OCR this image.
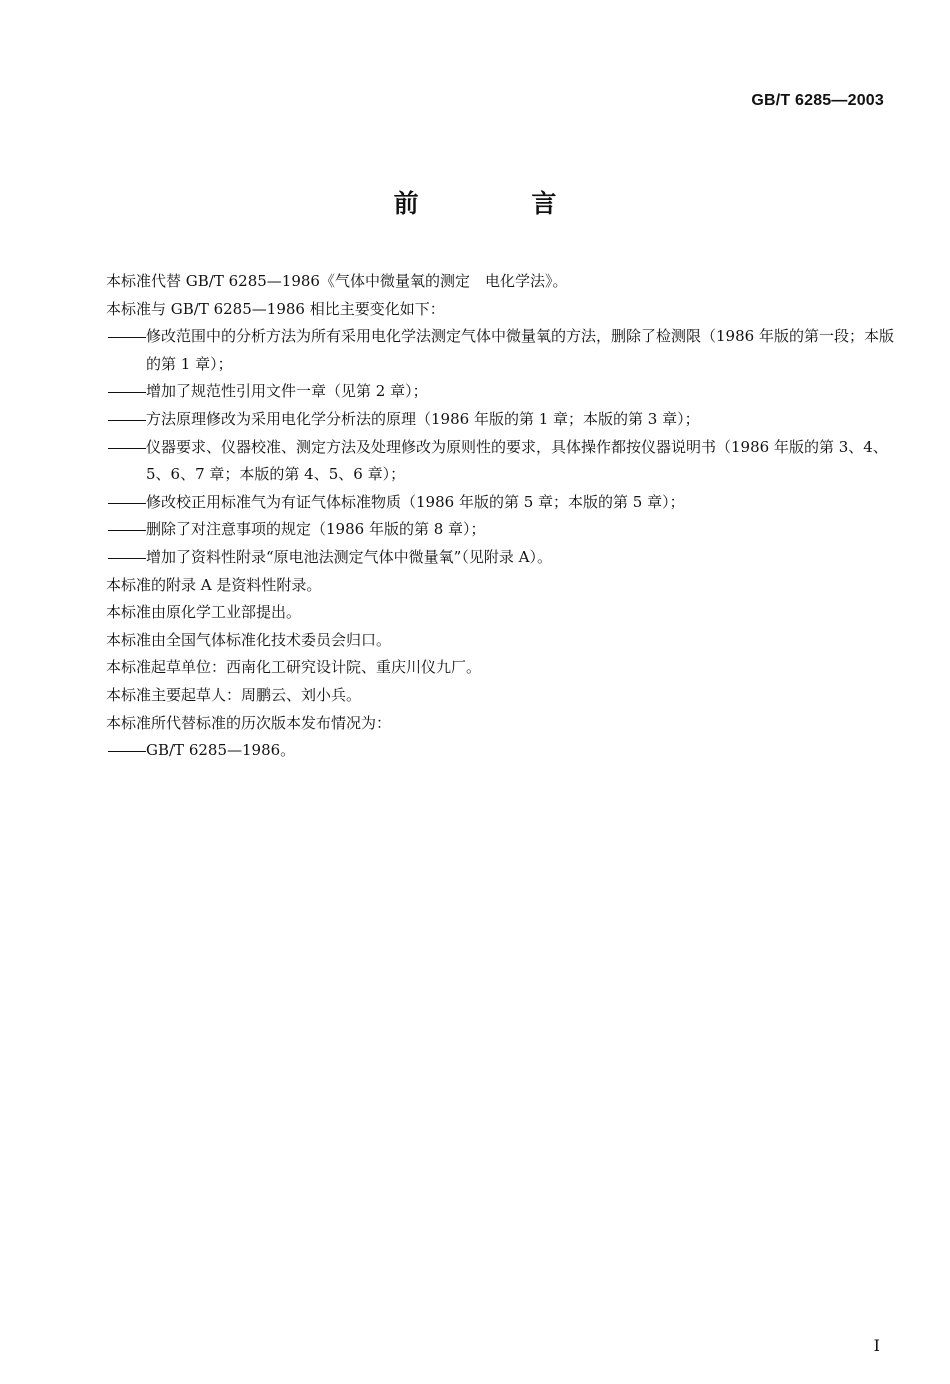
GB/T 6285—2003
前 言

本标准代替 GB/T 6285—1986《气体中微量氧的测定　电化学法》。

本标准与 GB/T 6285—1986 相比主要变化如下：

修改范围中的分析方法为所有采用电化学法测定气体中微量氧的方法，删除了检测限（1986 年版的第一段；本版的第 1 章）；

增加了规范性引用文件一章（见第 2 章）；

方法原理修改为采用电化学分析法的原理（1986 年版的第 1 章；本版的第 3 章）；

仪器要求、仪器校准、测定方法及处理修改为原则性的要求，具体操作都按仪器说明书（1986 年版的第 3、4、5、6、7 章；本版的第 4、5、6 章）；

修改校正用标准气为有证气体标准物质（1986 年版的第 5 章；本版的第 5 章）；

删除了对注意事项的规定（1986 年版的第 8 章）；

增加了资料性附录“原电池法测定气体中微量氧”（见附录 A）。

本标准的附录 A 是资料性附录。

本标准由原化学工业部提出。

本标准由全国气体标准化技术委员会归口。

本标准起草单位：西南化工研究设计院、重庆川仪九厂。

本标准主要起草人：周鹏云、刘小兵。

本标准所代替标准的历次版本发布情况为：

GB/T 6285—1986。

I
